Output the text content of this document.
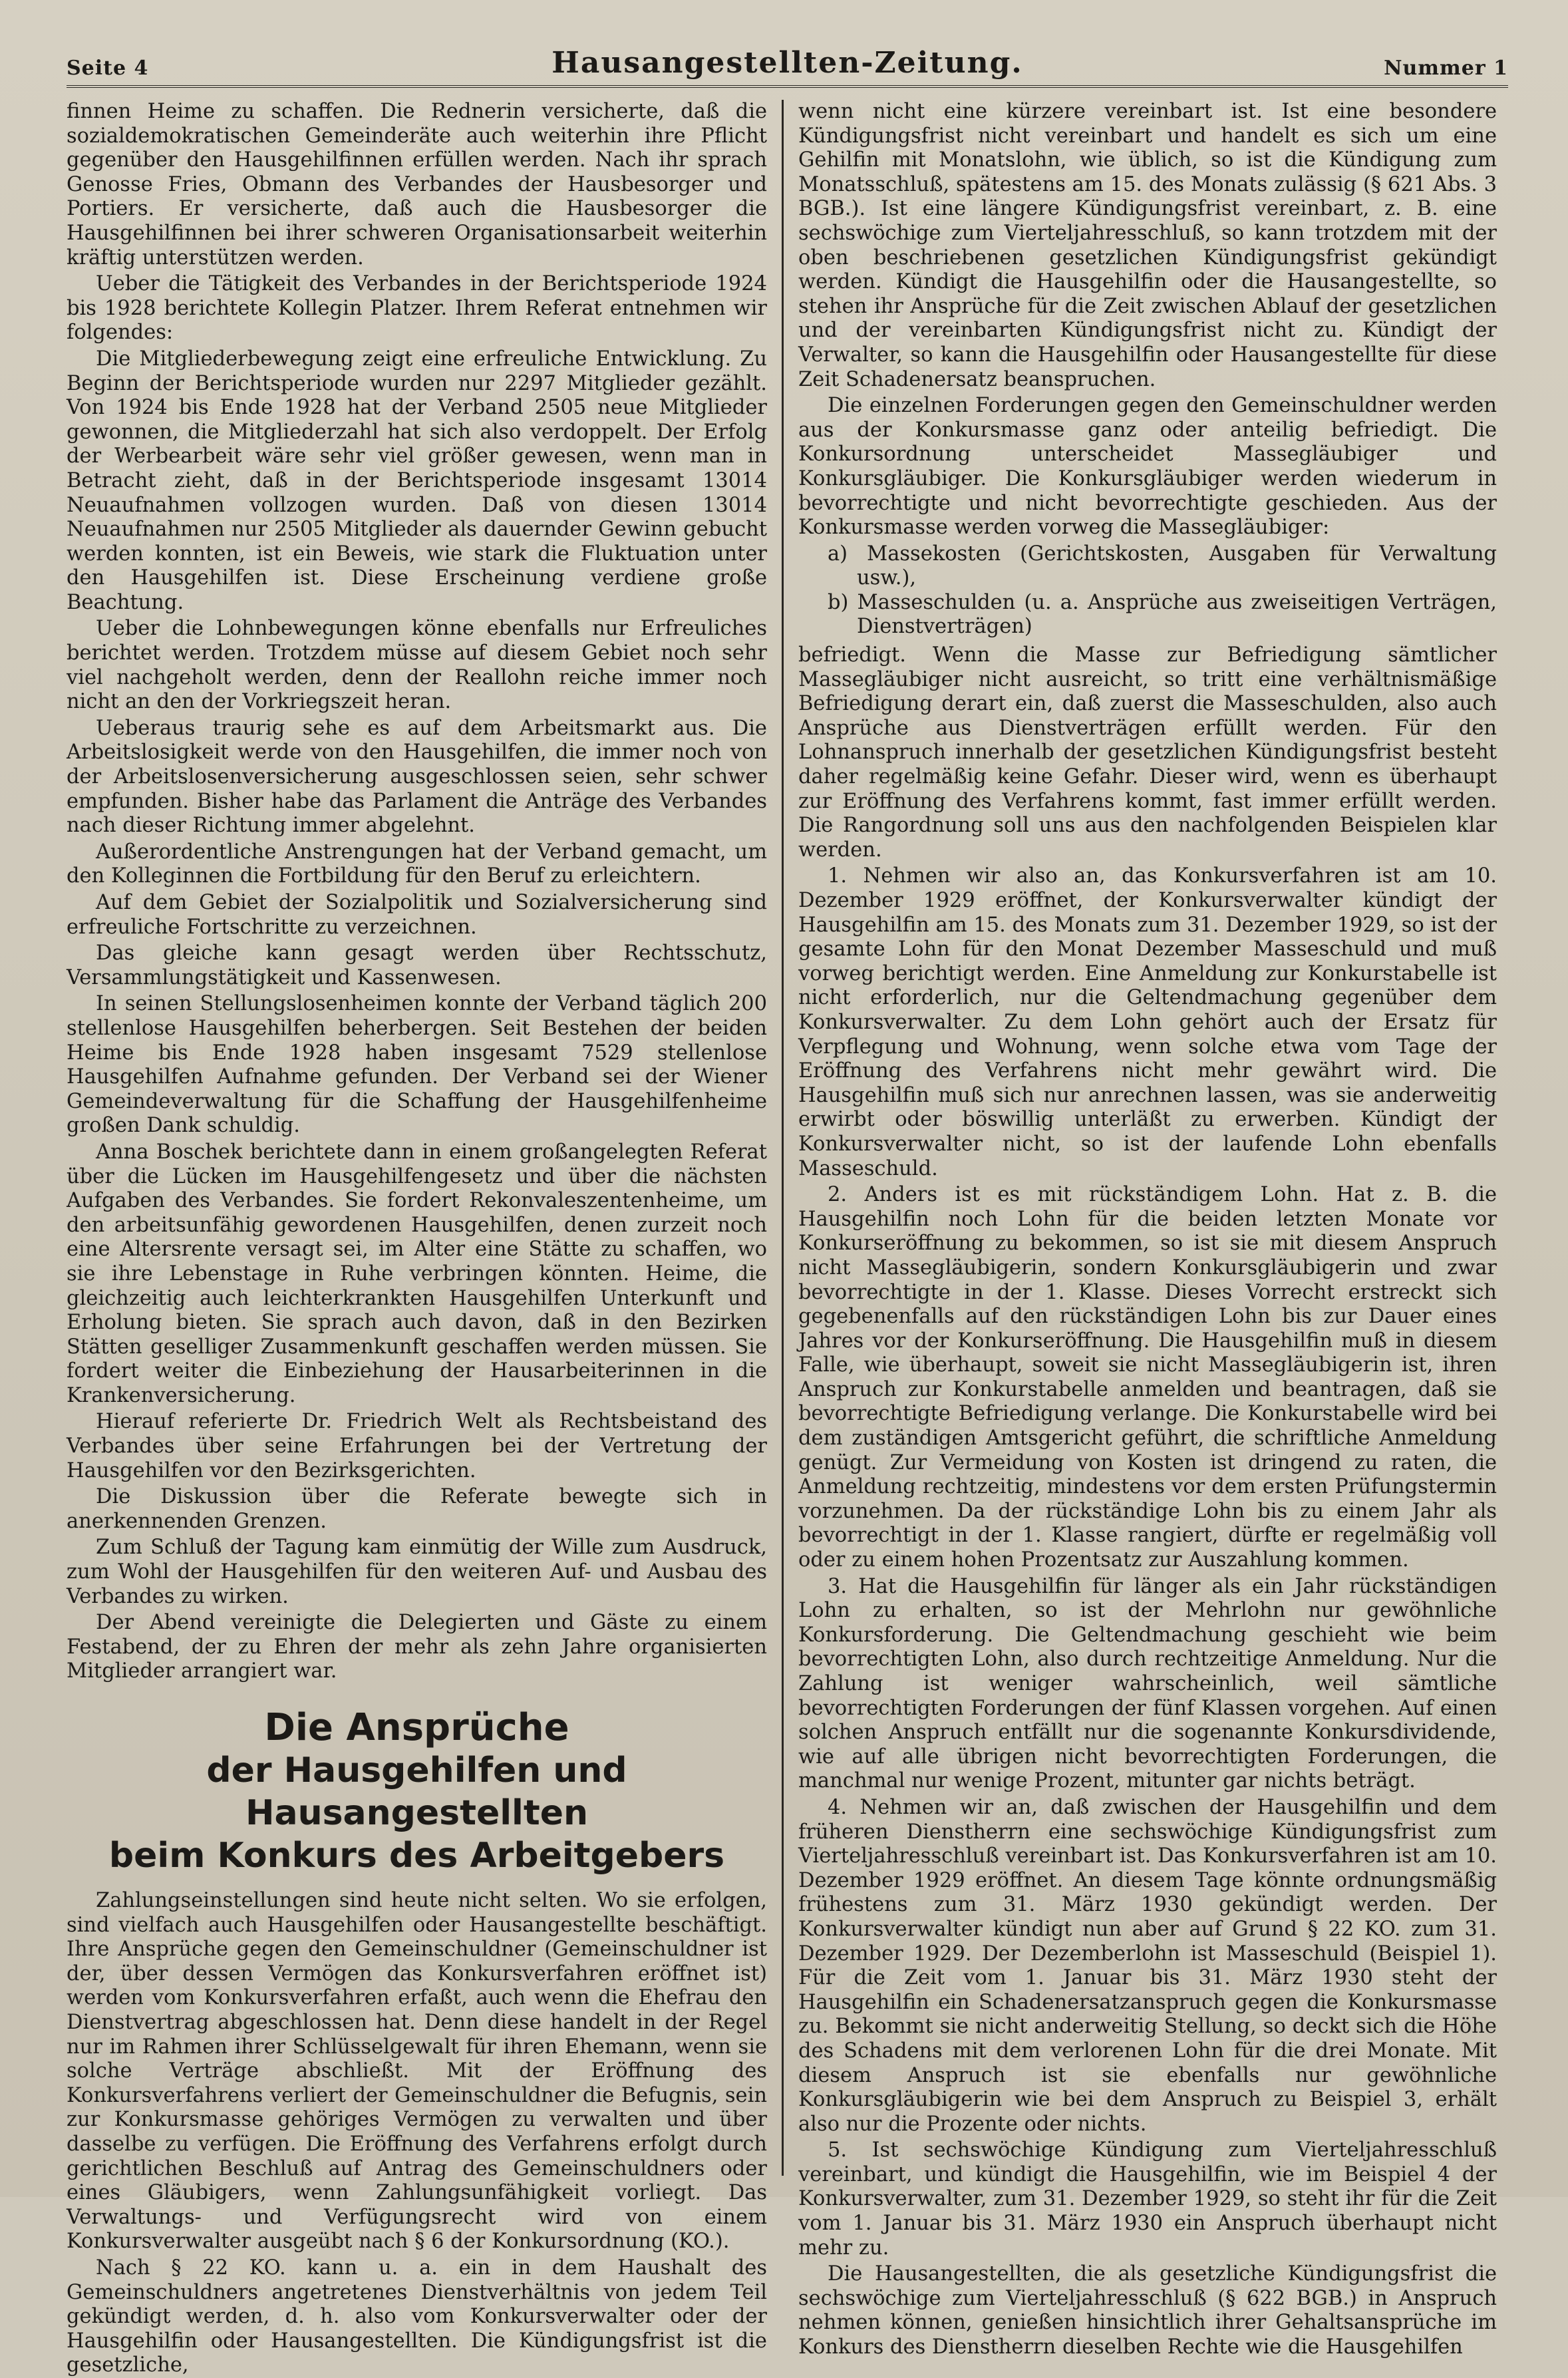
Seite 4	Hausangestellten-Zeitung.	Nummer 1

finnen Heime zu schaffen. Die Rednerin versicherte, daß die sozialdemokratischen Gemeinderäte auch weiterhin ihre Pflicht gegenüber den Hausgehilfinnen erfüllen werden. Nach ihr sprach Genosse Fries, Obmann des Verbandes der Hausbesorger und Portiers. Er versicherte, daß auch die Hausbesorger die Hausgehilfinnen bei ihrer schweren Organisationsarbeit weiterhin kräftig unterstützen werden.

Ueber die Tätigkeit des Verbandes in der Berichtsperiode 1924 bis 1928 berichtete Kollegin Platzer. Ihrem Referat entnehmen wir folgendes:

Die Mitgliederbewegung zeigt eine erfreuliche Entwicklung. Zu Beginn der Berichtsperiode wurden nur 2297 Mitglieder gezählt. Von 1924 bis Ende 1928 hat der Verband 2505 neue Mitglieder gewonnen, die Mitgliederzahl hat sich also verdoppelt. Der Erfolg der Werbearbeit wäre sehr viel größer gewesen, wenn man in Betracht zieht, daß in der Berichtsperiode insgesamt 13014 Neuaufnahmen vollzogen wurden. Daß von diesen 13014 Neuaufnahmen nur 2505 Mitglieder als dauernder Gewinn gebucht werden konnten, ist ein Beweis, wie stark die Fluktuation unter den Hausgehilfen ist. Diese Erscheinung verdiene große Beachtung.

Ueber die Lohnbewegungen könne ebenfalls nur Erfreuliches berichtet werden. Trotzdem müsse auf diesem Gebiet noch sehr viel nachgeholt werden, denn der Reallohn reiche immer noch nicht an den der Vorkriegszeit heran.

Ueberaus traurig sehe es auf dem Arbeitsmarkt aus. Die Arbeitslosigkeit werde von den Hausgehilfen, die immer noch von der Arbeitslosenversicherung ausgeschlossen seien, sehr schwer empfunden. Bisher habe das Parlament die Anträge des Verbandes nach dieser Richtung immer abgelehnt.

Außerordentliche Anstrengungen hat der Verband gemacht, um den Kolleginnen die Fortbildung für den Beruf zu erleichtern.

Auf dem Gebiet der Sozialpolitik und Sozialversicherung sind erfreuliche Fortschritte zu verzeichnen.

Das gleiche kann gesagt werden über Rechtsschutz, Versammlungstätigkeit und Kassenwesen.

In seinen Stellungslosenheimen konnte der Verband täglich 200 stellenlose Hausgehilfen beherbergen. Seit Bestehen der beiden Heime bis Ende 1928 haben insgesamt 7529 stellenlose Hausgehilfen Aufnahme gefunden. Der Verband sei der Wiener Gemeindeverwaltung für die Schaffung der Hausgehilfenheime großen Dank schuldig.

Anna Boschek berichtete dann in einem großangelegten Referat über die Lücken im Hausgehilfengesetz und über die nächsten Aufgaben des Verbandes. Sie fordert Rekonvaleszentenheime, um den arbeitsunfähig gewordenen Hausgehilfen, denen zurzeit noch eine Altersrente versagt sei, im Alter eine Stätte zu schaffen, wo sie ihre Lebenstage in Ruhe verbringen könnten. Heime, die gleichzeitig auch leichterkrankten Hausgehilfen Unterkunft und Erholung bieten. Sie sprach auch davon, daß in den Bezirken Stätten geselliger Zusammenkunft geschaffen werden müssen. Sie fordert weiter die Einbeziehung der Hausarbeiterinnen in die Krankenversicherung.

Hierauf referierte Dr. Friedrich Welt als Rechtsbeistand des Verbandes über seine Erfahrungen bei der Vertretung der Hausgehilfen vor den Bezirksgerichten.

Die Diskussion über die Referate bewegte sich in anerkennenden Grenzen.

Zum Schluß der Tagung kam einmütig der Wille zum Ausdruck, zum Wohl der Hausgehilfen für den weiteren Auf- und Ausbau des Verbandes zu wirken.

Der Abend vereinigte die Delegierten und Gäste zu einem Festabend, der zu Ehren der mehr als zehn Jahre organisierten Mitglieder arrangiert war.

Die Ansprüche
der Hausgehilfen und Hausangestellten
beim Konkurs des Arbeitgebers

Zahlungseinstellungen sind heute nicht selten. Wo sie erfolgen, sind vielfach auch Hausgehilfen oder Hausangestellte beschäftigt. Ihre Ansprüche gegen den Gemeinschuldner (Gemeinschuldner ist der, über dessen Vermögen das Konkursverfahren eröffnet ist) werden vom Konkursverfahren erfaßt, auch wenn die Ehefrau den Dienstvertrag abgeschlossen hat. Denn diese handelt in der Regel nur im Rahmen ihrer Schlüsselgewalt für ihren Ehemann, wenn sie solche Verträge abschließt. Mit der Eröffnung des Konkursverfahrens verliert der Gemeinschuldner die Befugnis, sein zur Konkursmasse gehöriges Vermögen zu verwalten und über dasselbe zu verfügen. Die Eröffnung des Verfahrens erfolgt durch gerichtlichen Beschluß auf Antrag des Gemeinschuldners oder eines Gläubigers, wenn Zahlungsunfähigkeit vorliegt. Das Verwaltungs- und Verfügungsrecht wird von einem Konkursverwalter ausgeübt nach § 6 der Konkursordnung (KO.).

Nach § 22 KO. kann u. a. ein in dem Haushalt des Gemeinschuldners angetretenes Dienstverhältnis von jedem Teil gekündigt werden, d. h. also vom Konkursverwalter oder der Hausgehilfin oder Hausangestellten. Die Kündigungsfrist ist die gesetzliche,

wenn nicht eine kürzere vereinbart ist. Ist eine besondere Kündigungsfrist nicht vereinbart und handelt es sich um eine Gehilfin mit Monatslohn, wie üblich, so ist die Kündigung zum Monatsschluß, spätestens am 15. des Monats zulässig (§ 621 Abs. 3 BGB.). Ist eine längere Kündigungsfrist vereinbart, z. B. eine sechswöchige zum Vierteljahresschluß, so kann trotzdem mit der oben beschriebenen gesetzlichen Kündigungsfrist gekündigt werden. Kündigt die Hausgehilfin oder die Hausangestellte, so stehen ihr Ansprüche für die Zeit zwischen Ablauf der gesetzlichen und der vereinbarten Kündigungsfrist nicht zu. Kündigt der Verwalter, so kann die Hausgehilfin oder Hausangestellte für diese Zeit Schadenersatz beanspruchen.

Die einzelnen Forderungen gegen den Gemeinschuldner werden aus der Konkursmasse ganz oder anteilig befriedigt. Die Konkursordnung unterscheidet Massegläubiger und Konkursgläubiger. Die Konkursgläubiger werden wiederum in bevorrechtigte und nicht bevorrechtigte geschieden. Aus der Konkursmasse werden vorweg die Massegläubiger:

a) Massekosten (Gerichtskosten, Ausgaben für Verwaltung usw.),
b) Masseschulden (u. a. Ansprüche aus zweiseitigen Verträgen, Dienstverträgen)

befriedigt. Wenn die Masse zur Befriedigung sämtlicher Massegläubiger nicht ausreicht, so tritt eine verhältnismäßige Befriedigung derart ein, daß zuerst die Masseschulden, also auch Ansprüche aus Dienstverträgen erfüllt werden. Für den Lohnanspruch innerhalb der gesetzlichen Kündigungsfrist besteht daher regelmäßig keine Gefahr. Dieser wird, wenn es überhaupt zur Eröffnung des Verfahrens kommt, fast immer erfüllt werden. Die Rangordnung soll uns aus den nachfolgenden Beispielen klar werden.

1. Nehmen wir also an, das Konkursverfahren ist am 10. Dezember 1929 eröffnet, der Konkursverwalter kündigt der Hausgehilfin am 15. des Monats zum 31. Dezember 1929, so ist der gesamte Lohn für den Monat Dezember Masseschuld und muß vorweg berichtigt werden. Eine Anmeldung zur Konkurstabelle ist nicht erforderlich, nur die Geltendmachung gegenüber dem Konkursverwalter. Zu dem Lohn gehört auch der Ersatz für Verpflegung und Wohnung, wenn solche etwa vom Tage der Eröffnung des Verfahrens nicht mehr gewährt wird. Die Hausgehilfin muß sich nur anrechnen lassen, was sie anderweitig erwirbt oder böswillig unterläßt zu erwerben. Kündigt der Konkursverwalter nicht, so ist der laufende Lohn ebenfalls Masseschuld.

2. Anders ist es mit rückständigem Lohn. Hat z. B. die Hausgehilfin noch Lohn für die beiden letzten Monate vor Konkurseröffnung zu bekommen, so ist sie mit diesem Anspruch nicht Massegläubigerin, sondern Konkursgläubigerin und zwar bevorrechtigte in der 1. Klasse. Dieses Vorrecht erstreckt sich gegebenenfalls auf den rückständigen Lohn bis zur Dauer eines Jahres vor der Konkurseröffnung. Die Hausgehilfin muß in diesem Falle, wie überhaupt, soweit sie nicht Massegläubigerin ist, ihren Anspruch zur Konkurstabelle anmelden und beantragen, daß sie bevorrechtigte Befriedigung verlange. Die Konkurstabelle wird bei dem zuständigen Amtsgericht geführt, die schriftliche Anmeldung genügt. Zur Vermeidung von Kosten ist dringend zu raten, die Anmeldung rechtzeitig, mindestens vor dem ersten Prüfungstermin vorzunehmen. Da der rückständige Lohn bis zu einem Jahr als bevorrechtigt in der 1. Klasse rangiert, dürfte er regelmäßig voll oder zu einem hohen Prozentsatz zur Auszahlung kommen.

3. Hat die Hausgehilfin für länger als ein Jahr rückständigen Lohn zu erhalten, so ist der Mehrlohn nur gewöhnliche Konkursforderung. Die Geltendmachung geschieht wie beim bevorrechtigten Lohn, also durch rechtzeitige Anmeldung. Nur die Zahlung ist weniger wahrscheinlich, weil sämtliche bevorrechtigten Forderungen der fünf Klassen vorgehen. Auf einen solchen Anspruch entfällt nur die sogenannte Konkursdividende, wie auf alle übrigen nicht bevorrechtigten Forderungen, die manchmal nur wenige Prozent, mitunter gar nichts beträgt.

4. Nehmen wir an, daß zwischen der Hausgehilfin und dem früheren Dienstherrn eine sechswöchige Kündigungsfrist zum Vierteljahresschluß vereinbart ist. Das Konkursverfahren ist am 10. Dezember 1929 eröffnet. An diesem Tage könnte ordnungsmäßig frühestens zum 31. März 1930 gekündigt werden. Der Konkursverwalter kündigt nun aber auf Grund § 22 KO. zum 31. Dezember 1929. Der Dezemberlohn ist Masseschuld (Beispiel 1). Für die Zeit vom 1. Januar bis 31. März 1930 steht der Hausgehilfin ein Schadenersatzanspruch gegen die Konkursmasse zu. Bekommt sie nicht anderweitig Stellung, so deckt sich die Höhe des Schadens mit dem verlorenen Lohn für die drei Monate. Mit diesem Anspruch ist sie ebenfalls nur gewöhnliche Konkursgläubigerin wie bei dem Anspruch zu Beispiel 3, erhält also nur die Prozente oder nichts.

5. Ist sechswöchige Kündigung zum Vierteljahresschluß vereinbart, und kündigt die Hausgehilfin, wie im Beispiel 4 der Konkursverwalter, zum 31. Dezember 1929, so steht ihr für die Zeit vom 1. Januar bis 31. März 1930 ein Anspruch überhaupt nicht mehr zu.

Die Hausangestellten, die als gesetzliche Kündigungsfrist die sechswöchige zum Vierteljahresschluß (§ 622 BGB.) in Anspruch nehmen können, genießen hinsichtlich ihrer Gehaltsansprüche im Konkurs des Dienstherrn dieselben Rechte wie die Hausgehilfen
